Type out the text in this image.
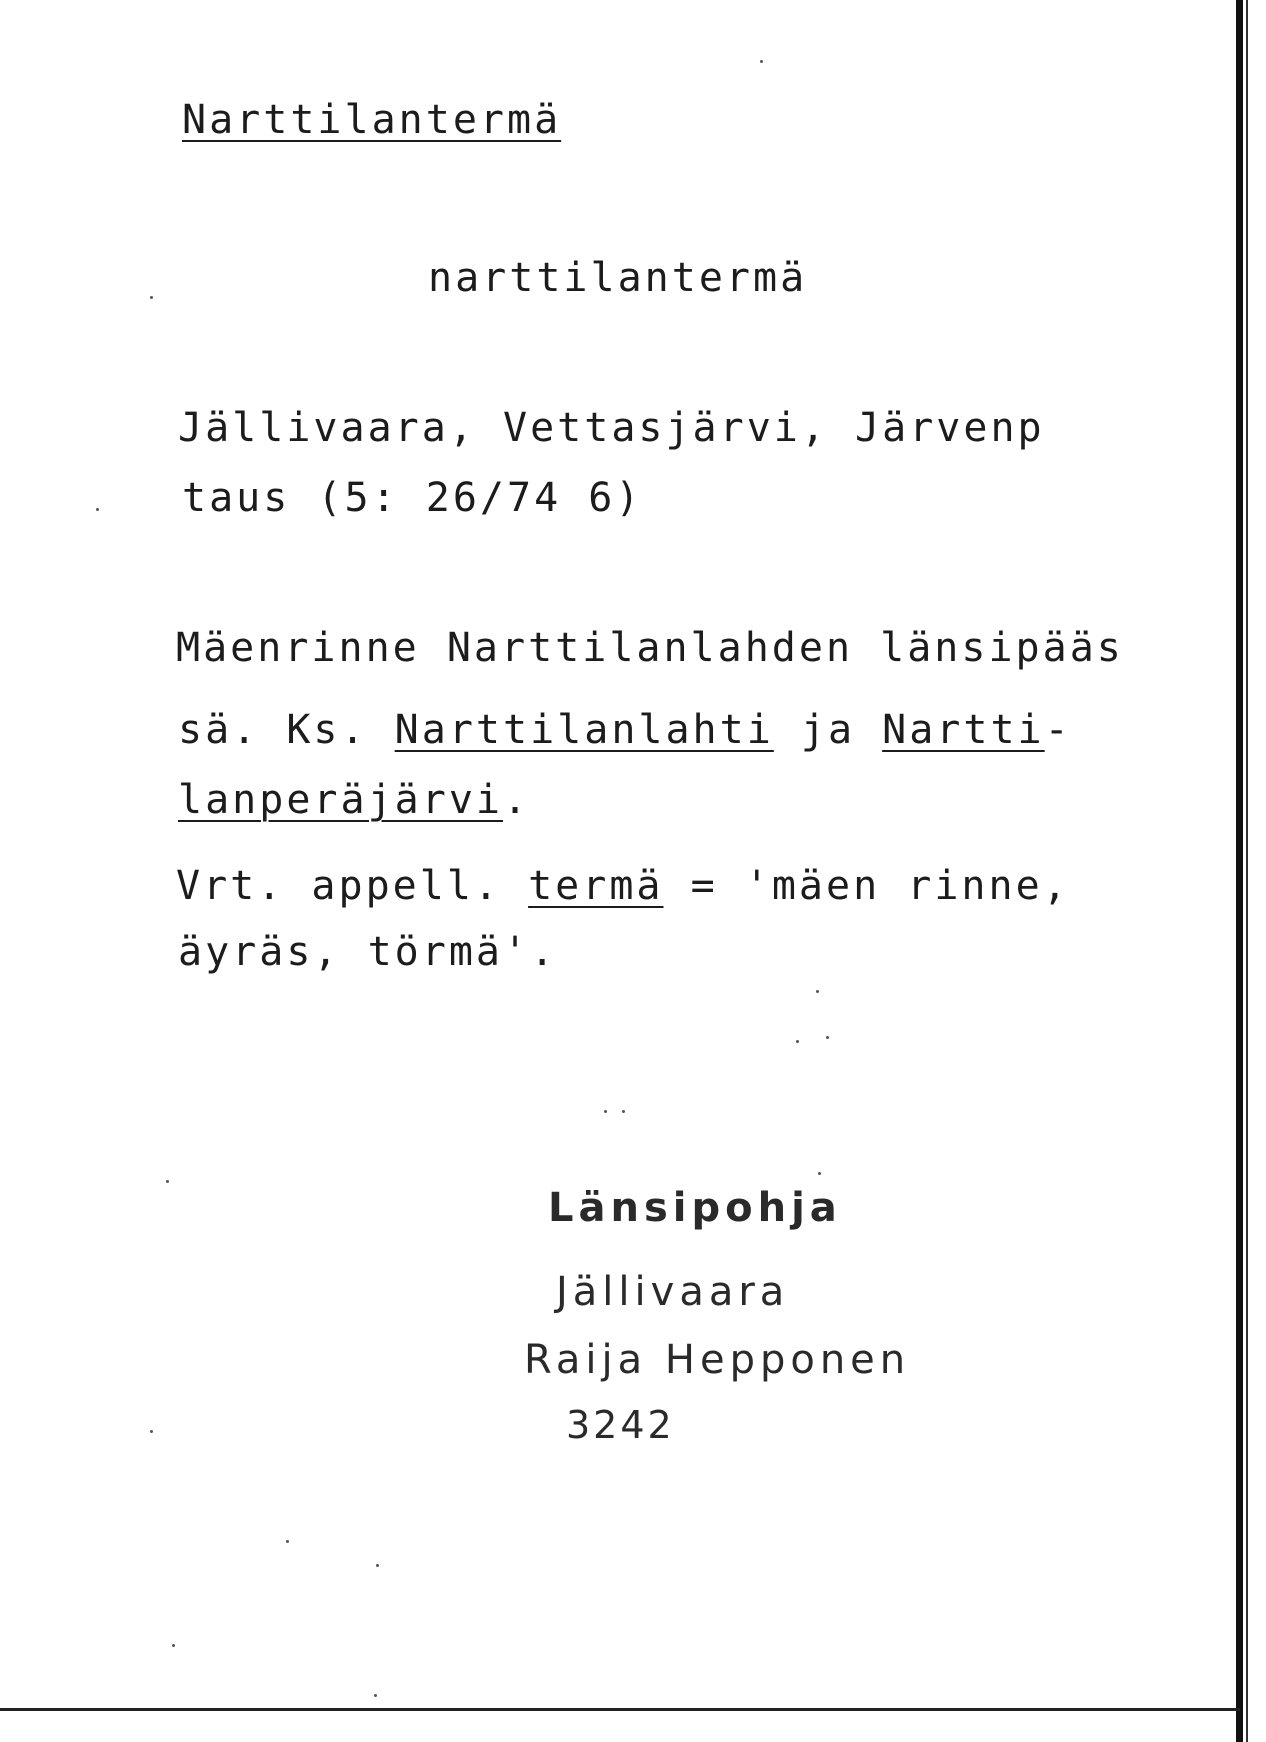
Narttilantermä
narttilantermä
Jällivaara, Vettasjärvi, Järvenp
taus (5: 26/74 6)
Mäenrinne Narttilanlahden länsipääs
sä. Ks. Narttilanlahti ja Nartti-
lanperäjärvi.
Vrt. appell. termä = 'mäen rinne,
äyräs, törmä'.
Länsipohja
Jällivaara
Raija Hepponen
3242
